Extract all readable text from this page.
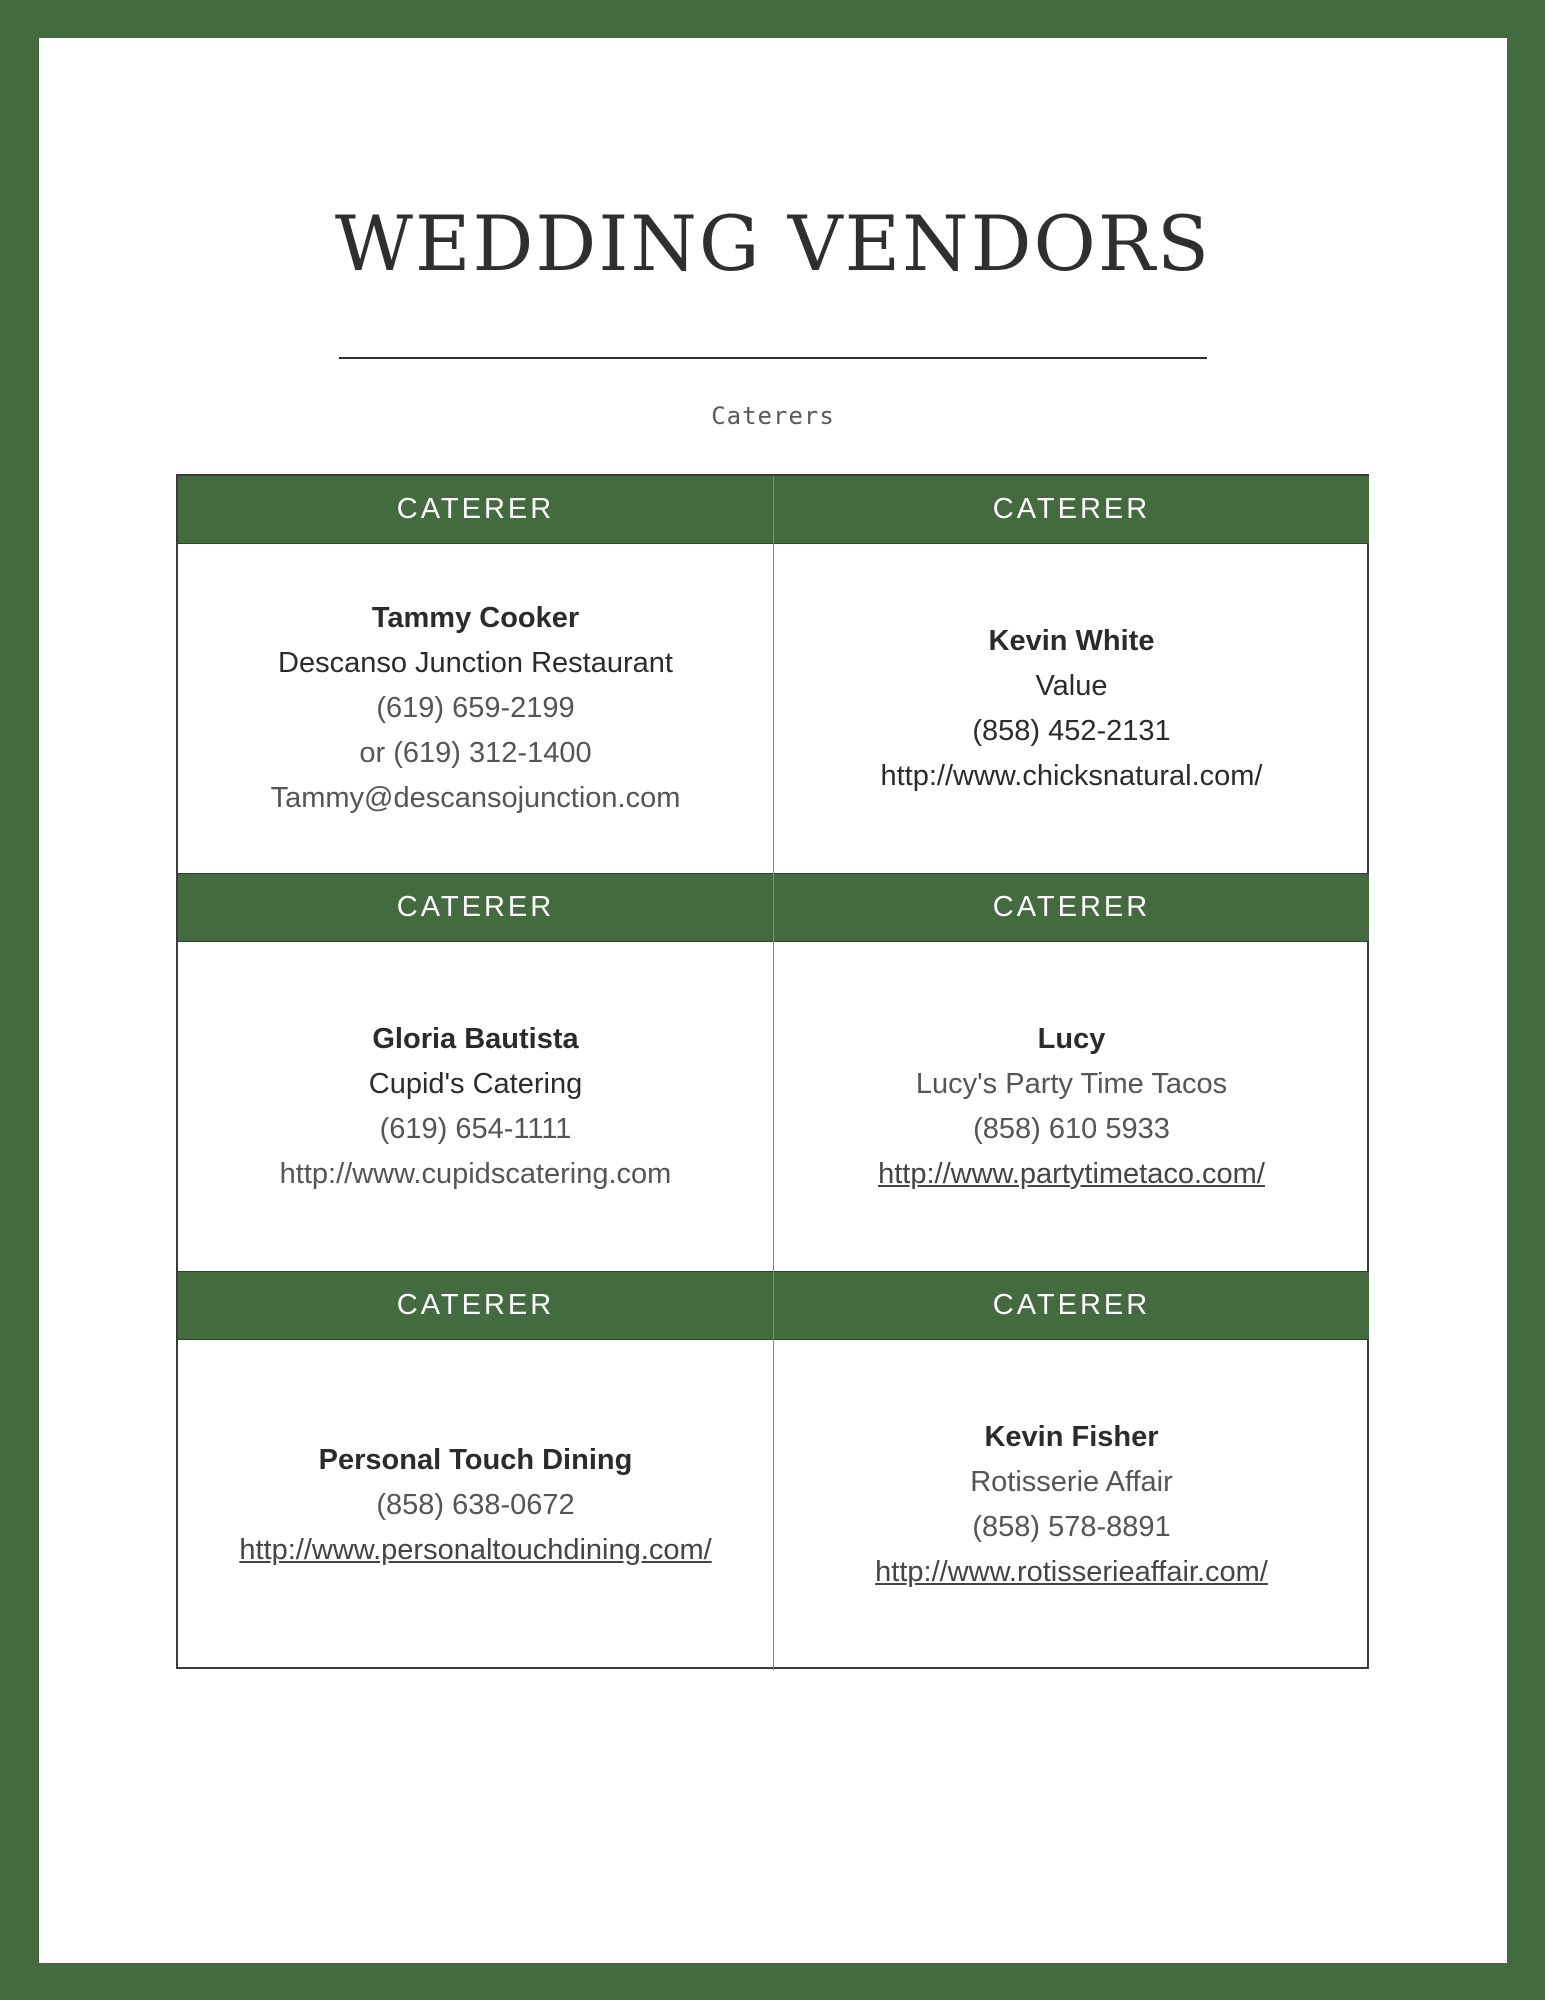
WEDDING VENDORS
Caterers
CATERER
Tammy Cooker
Descanso Junction Restaurant
(619) 659-2199
or (619) 312-1400
Tammy@descansojunction.com
CATERER
Kevin White
Value
(858) 452-2131
http://www.chicksnatural.com/
CATERER
Gloria Bautista
Cupid's Catering
(619) 654-1111
http://www.cupidscatering.com
CATERER
Lucy
Lucy's Party Time Tacos
(858) 610 5933
http://www.partytimetaco.com/
CATERER
Personal Touch Dining
(858) 638-0672
http://www.personaltouchdining.com/
CATERER
Kevin Fisher
Rotisserie Affair
(858) 578-8891
http://www.rotisserieaffair.com/
